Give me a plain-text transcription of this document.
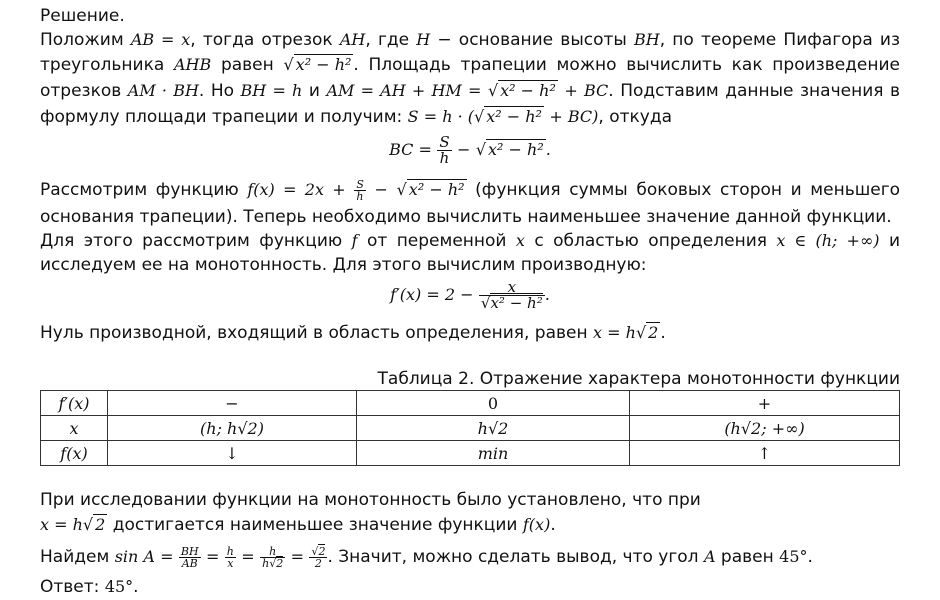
Решение.
Положим AB = x, тогда отрезок AH, где H − основание высоты BH, по теореме Пифагора из
треугольника AHB равен √ x² − h² . Площадь трапеции можно вычислить как произведение
отрезков AM · BH. Но BH = h и AM = AH + HM = √ x² − h² + BC. Подставим данные значения в
формулу площади трапеции и получим: S = h · (√ x² − h² + BC), откуда
BC = $\frac{S}{h}$ − √ x² − h² .
Рассмотрим функцию $f(x) = 2x + \frac{S}{h}$ − √ x² − h² (функция суммы боковых сторон и меньшего
основания трапеции). Теперь необходимо вычислить наименьшее значение данной функции.
Для этого рассмотрим функцию f от переменной x с областью определения x ∈ (h; +∞) и
исследуем ее на монотонность. Для этого вычислим производную:
$f'(x) = 2 - \frac{x}{\text{√x² − h²}}$ .
Нуль производной, входящий в область определения, равен x = h√ 2 .
Таблица 2. Отражение характера монотонности функции
f′(x)	−	0	+
x	(h; h√2)	h√2	(h√2; +∞)
f(x)	↓	min	↑
При исследовании функции на монотонность было установлено, что при
x = h√ 2 достигается наименьшее значение функции f(x).
Найдем $\sin A = \frac{BH}{AB} = \frac{h}{x} = \frac{h}{h√2} = \frac{√2}{2}$ . Значит, можно сделать вывод, что угол A равен 45°.
Ответ: 45°.
